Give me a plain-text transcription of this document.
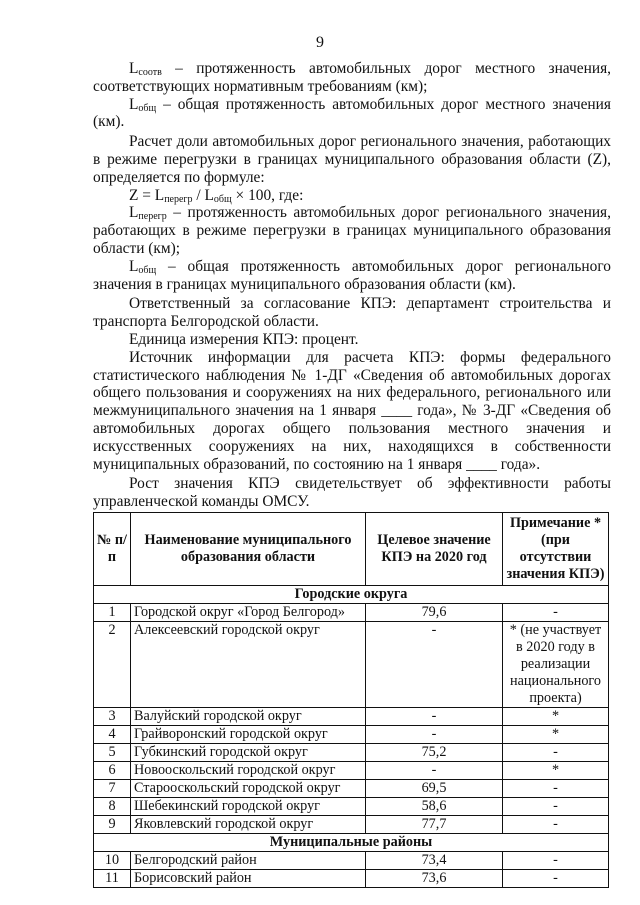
9

$L_{соотв}$ – протяженность автомобильных дорог местного значения, соответствующих нормативным требованиям (км);

$L_{общ}$ – общая протяженность автомобильных дорог местного значения (км).

Расчет доли автомобильных дорог регионального значения, работающих в режиме перегрузки в границах муниципального образования области (Z), определяется по формуле:

$Z = L_{перегр} / L_{общ} \times 100$, где:

$L_{перегр}$ – протяженность автомобильных дорог регионального значения, работающих в режиме перегрузки в границах муниципального образования области (км);

$L_{общ}$ – общая протяженность автомобильных дорог регионального значения в границах муниципального образования области (км).

Ответственный за согласование КПЭ: департамент строительства и транспорта Белгородской области.

Единица измерения КПЭ: процент.

Источник информации для расчета КПЭ: формы федерального статистического наблюдения № 1-ДГ «Сведения об автомобильных дорогах общего пользования и сооружениях на них федерального, регионального или межмуниципального значения на 1 января ____ года», № 3-ДГ «Сведения об автомобильных дорогах общего пользования местного значения и искусственных сооружениях на них, находящихся в собственности муниципальных образований, по состоянию на 1 января ____ года».

Рост значения КПЭ свидетельствует об эффективности работы управленческой команды ОМСУ.

№ п/п	Наименование муниципального образования области	Целевое значение КПЭ на 2020 год	Примечание * (при отсутствии значения КПЭ)
Городские округа			
1	Городской округ «Город Белгород»	79,6	-
2	Алексеевский городской округ	-	* (не участвует в 2020 году в реализации национального проекта)
3	Валуйский городской округ	-	*
4	Грайворонский городской округ	-	*
5	Губкинский городской округ	75,2	-
6	Новооскольский городской округ	-	*
7	Старооскольский городской округ	69,5	-
8	Шебекинский городской округ	58,6	-
9	Яковлевский городской округ	77,7	-
Муниципальные районы			
10	Белгородский район	73,4	-
11	Борисовский район	73,6	-
